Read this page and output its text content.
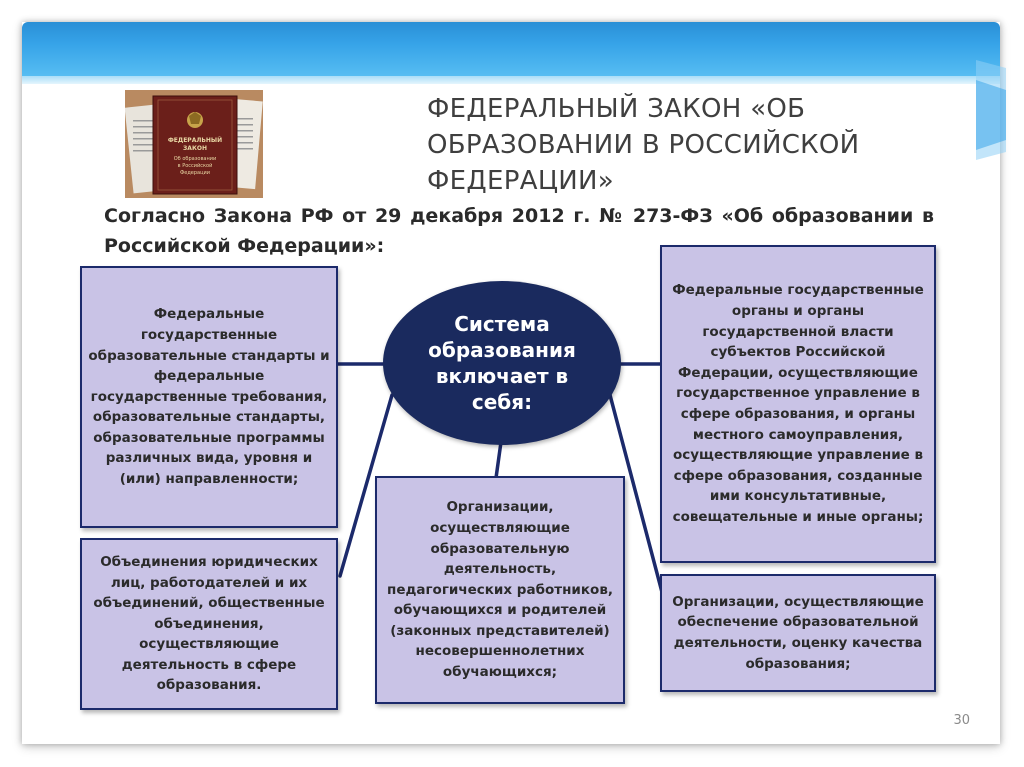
ФЕДЕРАЛЬНЫЙ
ЗАКОН
Об образовании
в Российской
Федерации
ФЕДЕРАЛЬНЫЙ ЗАКОН «ОБ ОБРАЗОВАНИИ В РОССИЙСКОЙ ФЕДЕРАЦИИ»
Согласно Закона РФ от 29 декабря 2012 г. № 273-ФЗ «Об образовании в Российской Федерации»:
Федеральные государственные образовательные стандарты и федеральные государственные требования, образовательные стандарты, образовательные программы различных вида, уровня и (или) направленности;
Объединения юридических лиц, работодателей и их объединений, общественные объединения, осуществляющие деятельность в сфере образования.
Организации, осуществляющие образовательную деятельность, педагогических работников, обучающихся и родителей (законных представителей) несовершеннолетних обучающихся;
Федеральные государственные органы и органы государственной власти субъектов Российской Федерации, осуществляющие государственное управление в сфере образования, и органы местного самоуправления, осуществляющие управление в сфере образования, созданные ими консультативные, совещательные и иные органы;
Организации, осуществляющие обеспечение образовательной деятельности, оценку качества образования;
Система образования включает в себя:
30
